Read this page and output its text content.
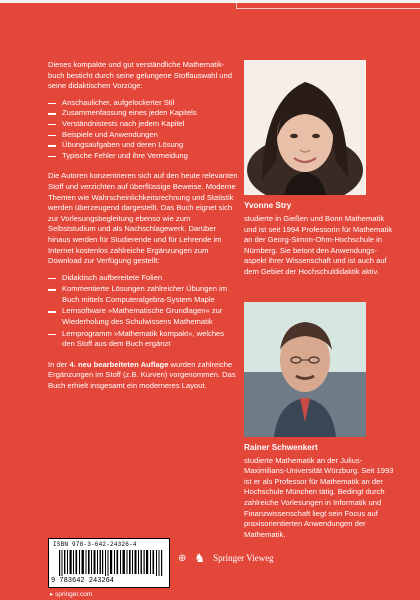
Dieses kompakte und gut verständliche Mathematikbuch besticht durch seine gelungene Stoffauswahl und seine didaktischen Vorzüge:

Anschaulicher, aufgelockerter Stil
Zusammenfassung eines jeden Kapitels
Verständnistests nach jedem Kapitel
Beispiele und Anwendungen
Übungsaufgaben und deren Lösung
Typische Fehler und ihre Vermeidung

Die Autoren konzentrieren sich auf den heute relevanten Stoff und verzichten auf überflüssige Beweise. Moderne Themen wie Wahrscheinlichkeitsrechnung und Statistik werden überzeugend dargestellt. Das Buch eignet sich zur Vorlesungsbegleitung ebenso wie zum Selbststudium und als Nachschlagewerk. Darüber hinaus werden für Studierende und für Lehrende im Internet kostenlos zahlreiche Ergänzungen zum Download zur Verfügung gestellt:

Didaktisch aufbereitete Folien
Kommentierte Lösungen zahlreicher Übungen im Buch mittels Computeralgebra-System Maple
Lernsoftware »Mathematische Grundlagen« zur Wiederholung des Schulwissens Mathematik
Lernprogramm »Mathematik kompakt«, welches den Stoff aus dem Buch ergänzt

In der 4. neu bearbeiteten Auflage wurden zahlreiche Ergänzungen im Stoff (z.B. Kurven) vorgenommen. Das Buch erhielt insgesamt ein moderneres Layout.

Yvonne Stry

studierte in Gießen und Bonn Mathematik und ist seit 1994 Professorin für Mathematik an der Georg-Simon-Ohm-Hochschule in Nürnberg. Sie betont den Anwendungsaspekt ihrer Wissenschaft und ist auch auf dem Gebiet der Hochschuldidaktik aktiv.

Rainer Schwenkert

studierte Mathematik an der Julius-Maximilians-Universität Würzburg. Seit 1993 ist er als Professor für Mathematik an der Hochschule München tätig. Bedingt durch zahlreiche Vorlesungen in Informatik und Finanzwissenschaft liegt sein Focus auf praxisorientierten Anwendungen der Mathematik.

ISBN 978-3-642-24326-4
9 783642 243264
▸ springer.com
⊕ ♞ Springer Vieweg
